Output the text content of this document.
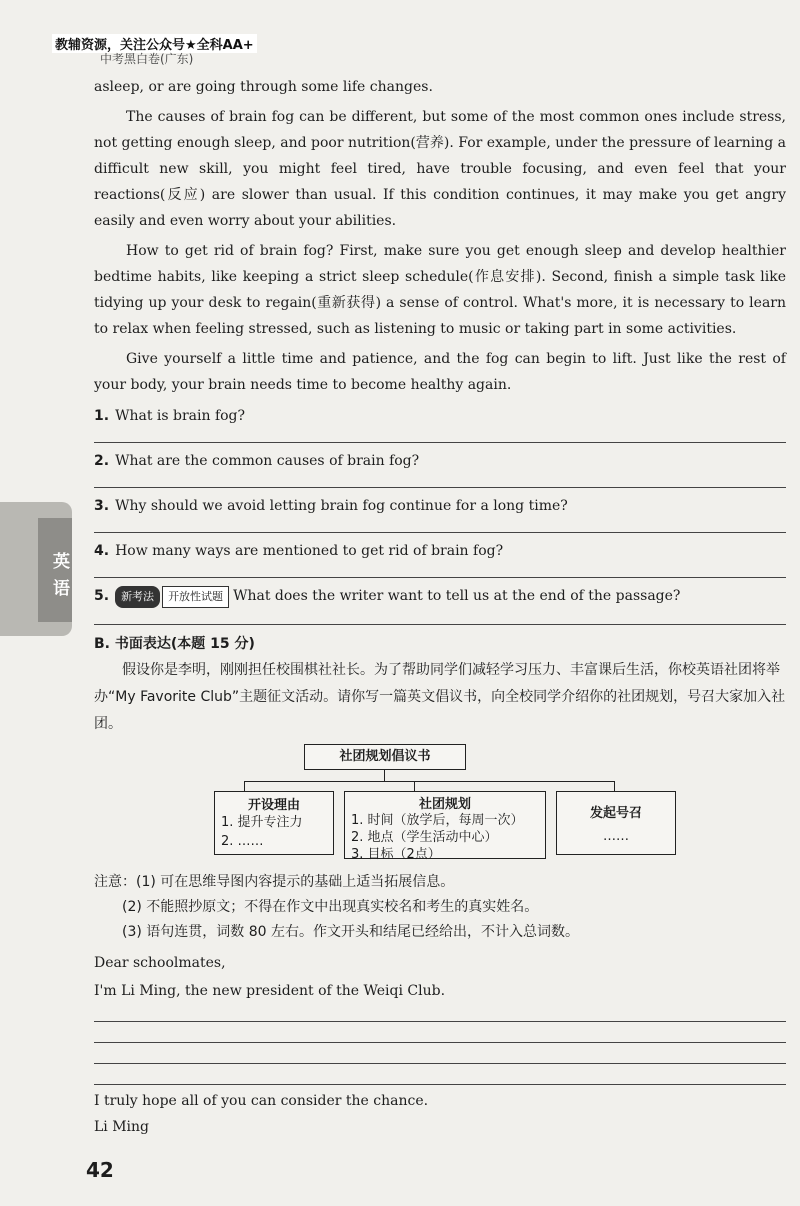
教辅资源，关注公众号★全科AA+
中考黑白卷(广东)
英语

asleep, or are going through some life changes.

The causes of brain fog can be different, but some of the most common ones include stress, not getting enough sleep, and poor nutrition(营养). For example, under the pressure of learning a difficult new skill, you might feel tired, have trouble focusing, and even feel that your reactions(反应) are slower than usual. If this condition continues, it may make you get angry easily and even worry about your abilities.

How to get rid of brain fog? First, make sure you get enough sleep and develop healthier bedtime habits, like keeping a strict sleep schedule(作息安排). Second, finish a simple task like tidying up your desk to regain(重新获得) a sense of control. What's more, it is necessary to learn to relax when feeling stressed, such as listening to music or taking part in some activities.

Give yourself a little time and patience, and the fog can begin to lift. Just like the rest of your body, your brain needs time to become healthy again.

1. What is brain fog?

2. What are the common causes of brain fog?

3. Why should we avoid letting brain fog continue for a long time?

4. How many ways are mentioned to get rid of brain fog?

5. 新考法 开放性试题 What does the writer want to tell us at the end of the passage?

B. 书面表达(本题 15 分)

假设你是李明，刚刚担任校围棋社社长。为了帮助同学们减轻学习压力、丰富课后生活，你校英语社团将举办“My Favorite Club”主题征文活动。请你写一篇英文倡议书，向全校同学介绍你的社团规划，号召大家加入社团。

社团规划倡议书
开设理由
1. 提升专注力
2. ……
社团规划
1. 时间（放学后，每周一次）
2. 地点（学生活动中心）
3. 目标（2点）
发起号召
……

注意：(1) 可在思维导图内容提示的基础上适当拓展信息。

(2) 不能照抄原文；不得在作文中出现真实校名和考生的真实姓名。

(3) 语句连贯，词数 80 左右。作文开头和结尾已经给出，不计入总词数。

Dear schoolmates,

I'm Li Ming, the new president of the Weiqi Club.

I truly hope all of you can consider the chance.

Li Ming

42
